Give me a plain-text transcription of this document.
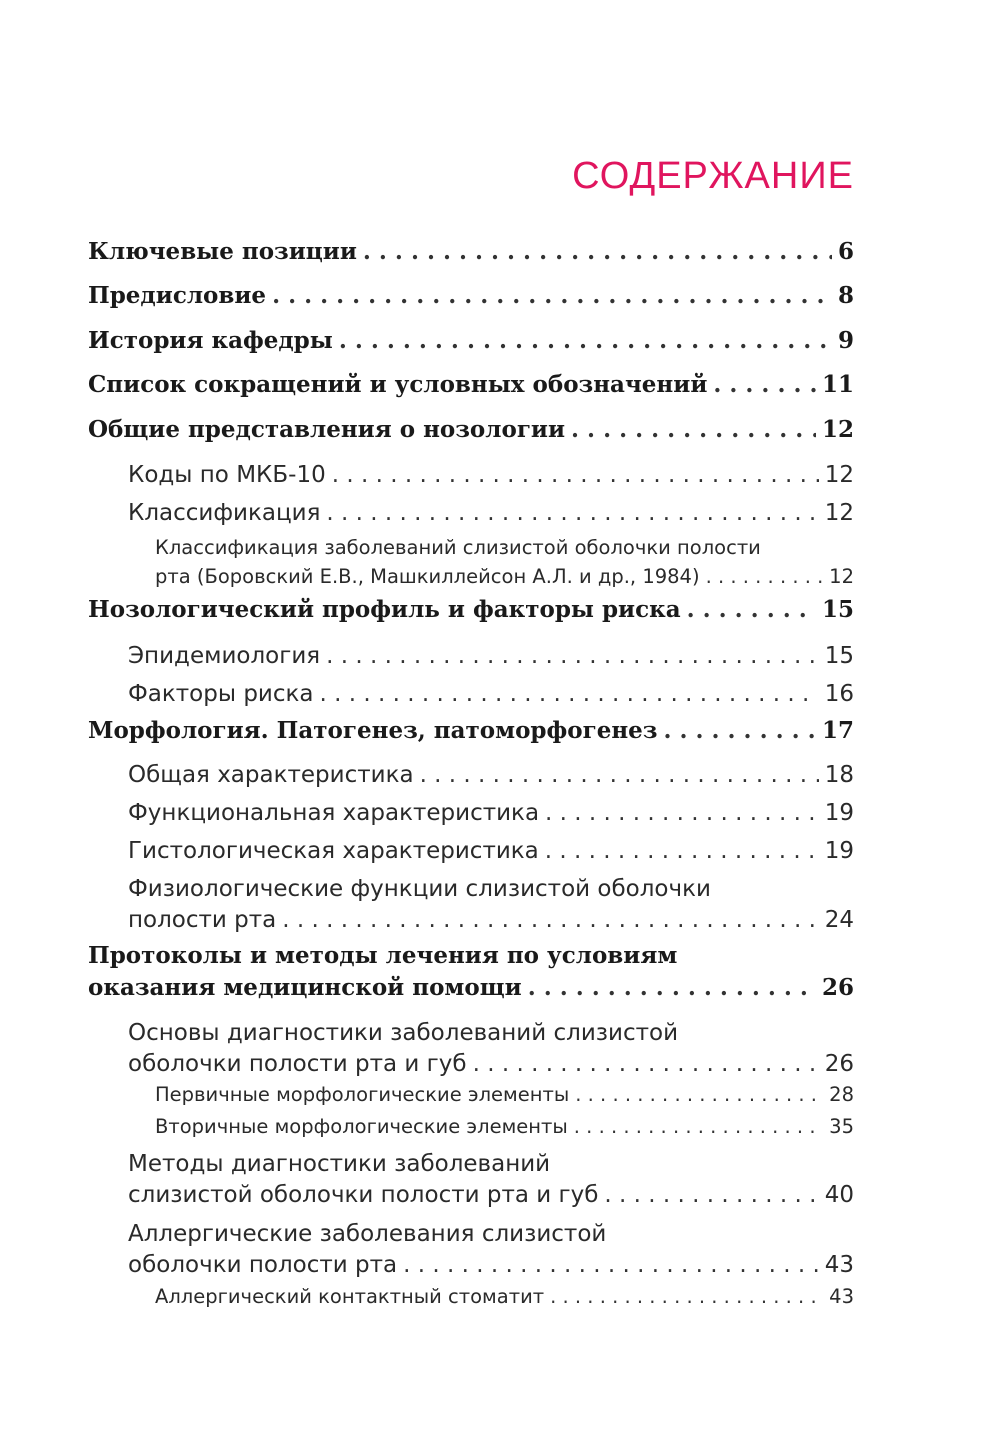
СОДЕРЖАНИЕ
Ключевые позиции . . .	6
Предисловие . . .	8
История кафедры . . .	9
Список сокращений и условных обозначений . . .	11
Общие представления о нозологии . . .	12
Коды по МКБ-10 . . .	12
Классификация . . .	12
Классификация заболеваний слизистой оболочки полости
рта (Боровский Е.В., Машкиллейсон А.Л. и др., 1984) . . .	12
Нозологический профиль и факторы риска . . .	15
Эпидемиология . . .	15
Факторы риска . . .	16
Морфология. Патогенез, патоморфогенез . . .	17
Общая характеристика . . .	18
Функциональная характеристика . . .	19
Гистологическая характеристика . . .	19
Физиологические функции слизистой оболочки
полости рта . . .	24
Протоколы и методы лечения по условиям
оказания медицинской помощи . . .	26
Основы диагностики заболеваний слизистой
оболочки полости рта и губ . . .	26
Первичные морфологические элементы . . .	28
Вторичные морфологические элементы . . .	35
Методы диагностики заболеваний
слизистой оболочки полости рта и губ . . .	40
Аллергические заболевания слизистой
оболочки полости рта . . .	43
Аллергический контактный стоматит . . .	43
